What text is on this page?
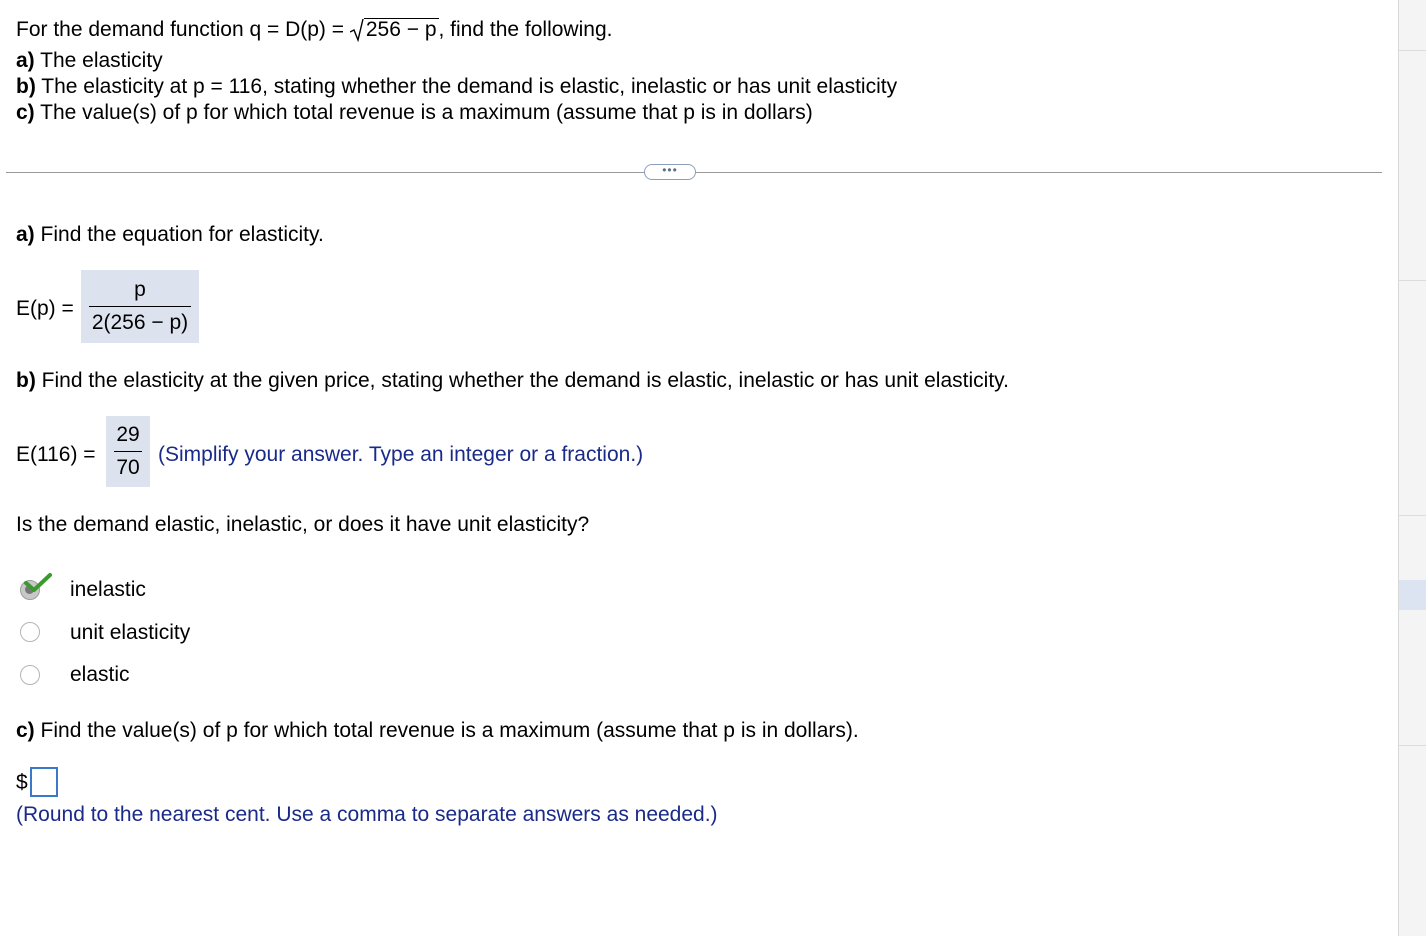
For the demand function q = D(p) = 256 − p, find the following.
a) The elasticity
b) The elasticity at p = 116, stating whether the demand is elastic, inelastic or has unit elasticity
c) The value(s) of p for which total revenue is a maximum (assume that p is in dollars)
•••
a) Find the equation for elasticity.
E(p) =
p
2(256 − p)
b) Find the elasticity at the given price, stating whether the demand is elastic, inelastic or has unit elasticity.
E(116) =
29
70
(Simplify your answer. Type an integer or a fraction.)
Is the demand elastic, inelastic, or does it have unit elasticity?
inelastic
unit elasticity
elastic
c) Find the value(s) of p for which total revenue is a maximum (assume that p is in dollars).
$
(Round to the nearest cent. Use a comma to separate answers as needed.)
